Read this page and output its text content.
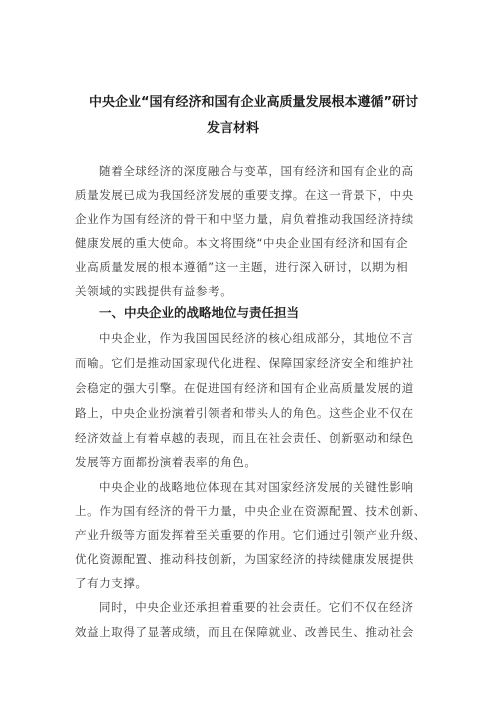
中央企业“国有经济和国有企业高质量发展根本遵循”研讨
发言材料
随着全球经济的深度融合与变革，国有经济和国有企业的高
质量发展已成为我国经济发展的重要支撑。在这一背景下，中央
企业作为国有经济的骨干和中坚力量，肩负着推动我国经济持续
健康发展的重大使命。本文将围绕“中央企业国有经济和国有企
业高质量发展的根本遵循”这一主题，进行深入研讨，以期为相
关领域的实践提供有益参考。
一、中央企业的战略地位与责任担当
中央企业，作为我国国民经济的核心组成部分，其地位不言
而喻。它们是推动国家现代化进程、保障国家经济安全和维护社
会稳定的强大引擎。在促进国有经济和国有企业高质量发展的道
路上，中央企业扮演着引领者和带头人的角色。这些企业不仅在
经济效益上有着卓越的表现，而且在社会责任、创新驱动和绿色
发展等方面都扮演着表率的角色。
中央企业的战略地位体现在其对国家经济发展的关键性影响
上。作为国有经济的骨干力量，中央企业在资源配置、技术创新、
产业升级等方面发挥着至关重要的作用。它们通过引领产业升级、
优化资源配置、推动科技创新，为国家经济的持续健康发展提供
了有力支撑。
同时，中央企业还承担着重要的社会责任。它们不仅在经济
效益上取得了显著成绩，而且在保障就业、改善民生、推动社会
